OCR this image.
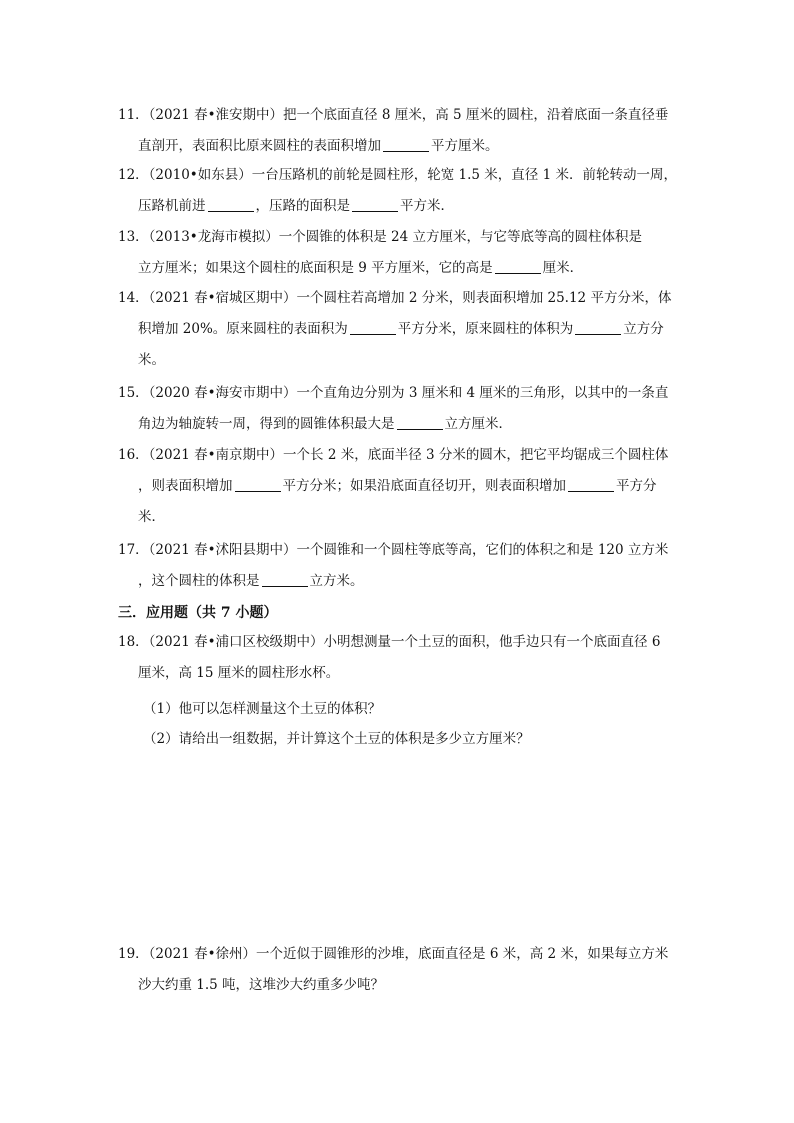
11．（2021 春•淮安期中）把一个底面直径 8 厘米，高 5 厘米的圆柱，沿着底面一条直径垂
直剖开，表面积比原来圆柱的表面积增加	平方厘米。
12．（2010•如东县）一台压路机的前轮是圆柱形，轮宽 1.5 米，直径 1 米．前轮转动一周，
压路机前进	，压路的面积是	平方米．
13．（2013•龙海市模拟）一个圆锥的体积是 24 立方厘米，与它等底等高的圆柱体积是
立方厘米；如果这个圆柱的底面积是 9 平方厘米，它的高是	厘米．
14．（2021 春•宿城区期中）一个圆柱若高增加 2 分米，则表面积增加 25.12 平方分米，体
积增加 20%。原来圆柱的表面积为	平方分米，原来圆柱的体积为	立方分
米。
15．（2020 春•海安市期中）一个直角边分别为 3 厘米和 4 厘米的三角形，以其中的一条直
角边为轴旋转一周，得到的圆锥体积最大是	立方厘米．
16．（2021 春•南京期中）一个长 2 米，底面半径 3 分米的圆木，把它平均锯成三个圆柱体
，则表面积增加	平方分米；如果沿底面直径切开，则表面积增加	平方分
米．
17．（2021 春•沭阳县期中）一个圆锥和一个圆柱等底等高，它们的体积之和是 120 立方米
，这个圆柱的体积是	立方米。
三．应用题（共 7 小题）
18．（2021 春•浦口区校级期中）小明想测量一个土豆的面积，他手边只有一个底面直径 6
厘米，高 15 厘米的圆柱形水杯。
（1）他可以怎样测量这个土豆的体积？
（2）请给出一组数据，并计算这个土豆的体积是多少立方厘米？
19．（2021 春•徐州）一个近似于圆锥形的沙堆，底面直径是 6 米，高 2 米，如果每立方米
沙大约重 1.5 吨，这堆沙大约重多少吨？
